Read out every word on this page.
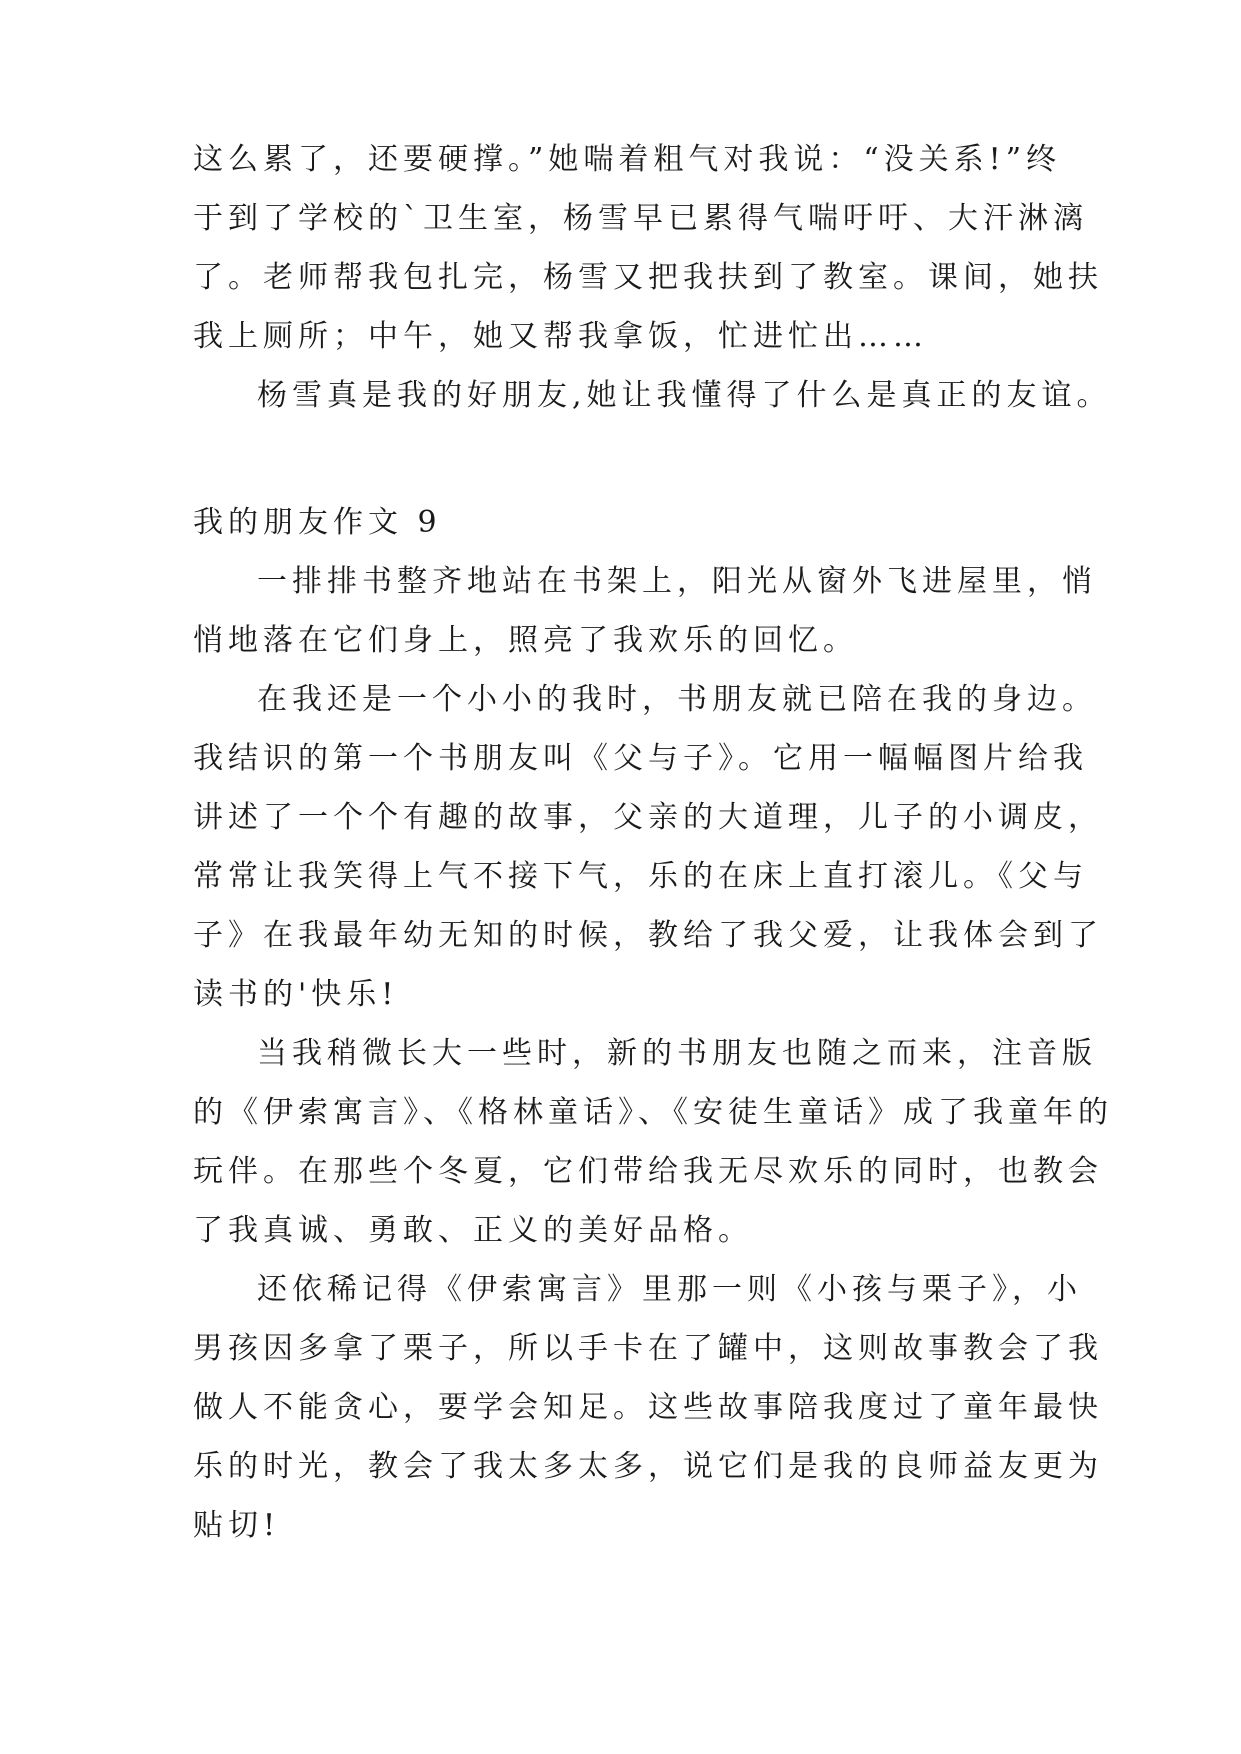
这么累了，还要硬撑。”她喘着粗气对我说：“没关系!”终
于到了学校的`卫生室，杨雪早已累得气喘吁吁、大汗淋漓
了。老师帮我包扎完，杨雪又把我扶到了教室。课间，她扶
我上厕所；中午，她又帮我拿饭，忙进忙出……
杨雪真是我的好朋友,她让我懂得了什么是真正的友谊。
我的朋友作文 9
一排排书整齐地站在书架上，阳光从窗外飞进屋里，悄
悄地落在它们身上，照亮了我欢乐的回忆。
在我还是一个小小的我时，书朋友就已陪在我的身边。
我结识的第一个书朋友叫《父与子》。它用一幅幅图片给我
讲述了一个个有趣的故事，父亲的大道理，儿子的小调皮，
常常让我笑得上气不接下气，乐的在床上直打滚儿。《父与
子》在我最年幼无知的时候，教给了我父爱，让我体会到了
读书的'快乐!
当我稍微长大一些时，新的书朋友也随之而来，注音版
的《伊索寓言》、《格林童话》、《安徒生童话》成了我童年的
玩伴。在那些个冬夏，它们带给我无尽欢乐的同时，也教会
了我真诚、勇敢、正义的美好品格。
还依稀记得《伊索寓言》里那一则《小孩与栗子》，小
男孩因多拿了栗子，所以手卡在了罐中，这则故事教会了我
做人不能贪心，要学会知足。这些故事陪我度过了童年最快
乐的时光，教会了我太多太多，说它们是我的良师益友更为
贴切!
